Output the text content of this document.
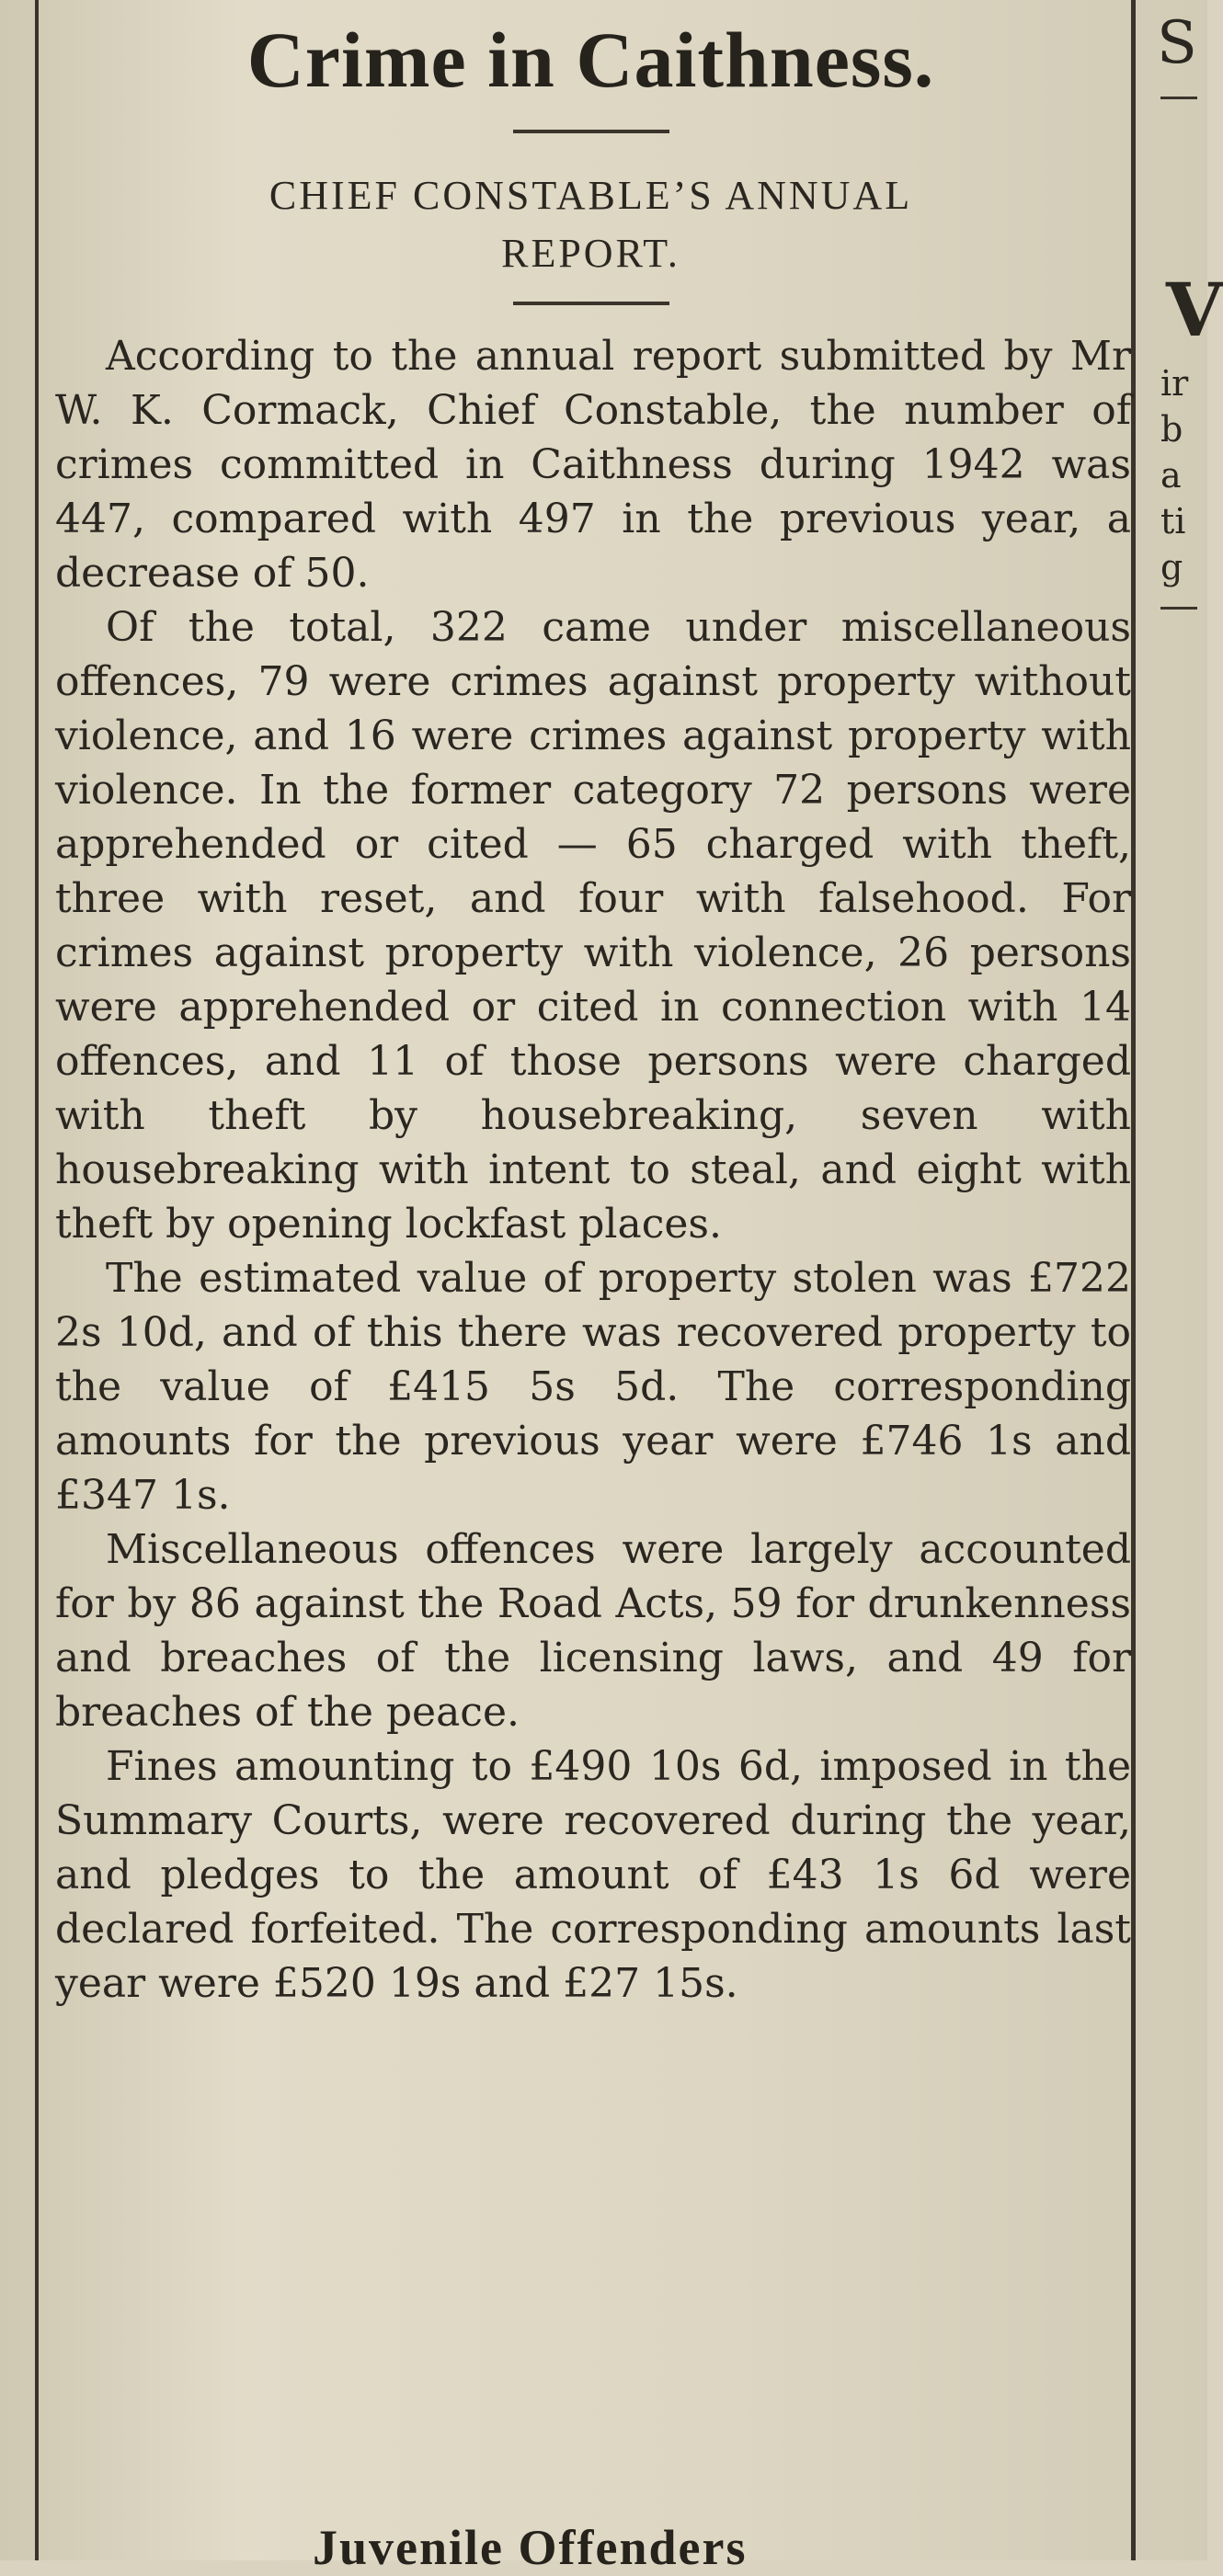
Crime in Caithness.
CHIEF CONSTABLE’S ANNUAL
REPORT.

According to the annual report submitted by Mr W. K. Cormack, Chief Constable, the number of crimes committed in Caithness during 1942 was 447, compared with 497 in the previous year, a decrease of 50.

Of the total, 322 came under miscellaneous offences, 79 were crimes against property without violence, and 16 were crimes against property with violence. In the former category 72 persons were apprehended or cited — 65 charged with theft, three with reset, and four with falsehood. For crimes against property with violence, 26 persons were apprehended or cited in connection with 14 offences, and 11 of those persons were charged with theft by housebreaking, seven with housebreaking with intent to steal, and eight with theft by opening lockfast places.

The estimated value of property stolen was £722 2s 10d, and of this there was recovered property to the value of £415 5s 5d. The corresponding amounts for the previous year were £746 1s and £347 1s.

Miscellaneous offences were largely accounted for by 86 against the Road Acts, 59 for drunkenness and breaches of the licensing laws, and 49 for breaches of the peace.

Fines amounting to £490 10s 6d, imposed in the Summary Courts, were recovered during the year, and pledges to the amount of £43 1s 6d were declared forfeited. The corresponding amounts last year were £520 19s and £27 15s.

Juvenile Offenders
S
V
ir
b
a
ti
g
